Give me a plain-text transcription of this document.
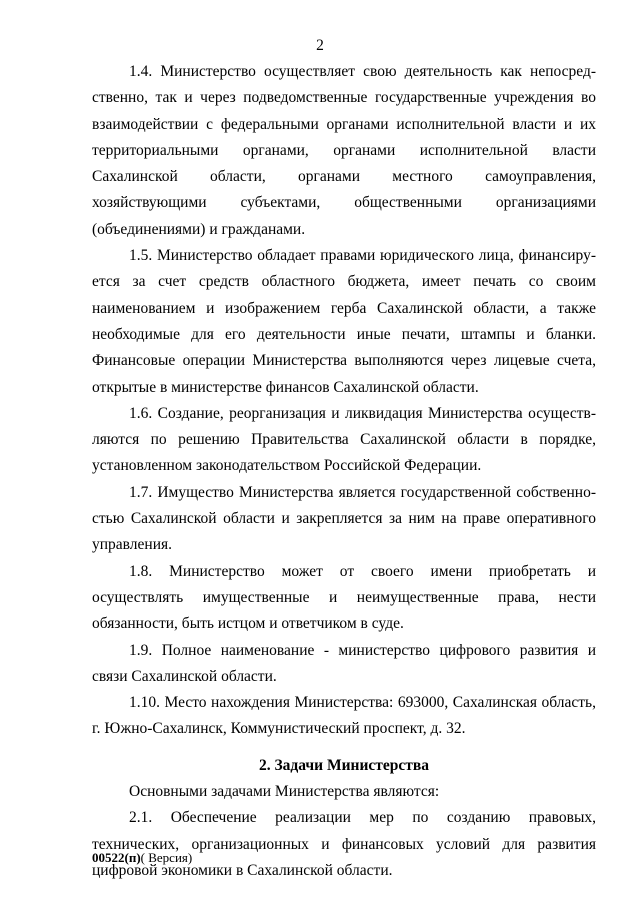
2

1.4. Министерство осуществляет свою деятельность как непосредственно, так и через подведомственные государственные учреждения во взаимодействии с федеральными органами исполнительной власти и их территориальными органами, органами исполнительной власти Сахалинской области, органами местного самоуправления, хозяйствующими субъектами, общественными организациями (объединениями) и гражданами.

1.5. Министерство обладает правами юридического лица, финансируется за счет средств областного бюджета, имеет печать со своим наименованием и изображением герба Сахалинской области, а также необходимые для его деятельности иные печати, штампы и бланки. Финансовые операции Министерства выполняются через лицевые счета, открытые в министерстве финансов Сахалинской области.

1.6. Создание, реорганизация и ликвидация Министерства осуществляются по решению Правительства Сахалинской области в порядке, установленном законодательством Российской Федерации.

1.7. Имущество Министерства является государственной собственностью Сахалинской области и закрепляется за ним на праве оперативного управления.

1.8. Министерство может от своего имени приобретать и осуществлять имущественные и неимущественные права, нести обязанности, быть истцом и ответчиком в суде.

1.9. Полное наименование - министерство цифрового развития и связи Сахалинской области.

1.10. Место нахождения Министерства: 693000, Сахалинская область, г. Южно-Сахалинск, Коммунистический проспект, д. 32.

2. Задачи Министерства

Основными задачами Министерства являются:

2.1. Обеспечение реализации мер по созданию правовых, технических, организационных и финансовых условий для развития цифровой экономики в Сахалинской области.

00522(п)( Версия)
